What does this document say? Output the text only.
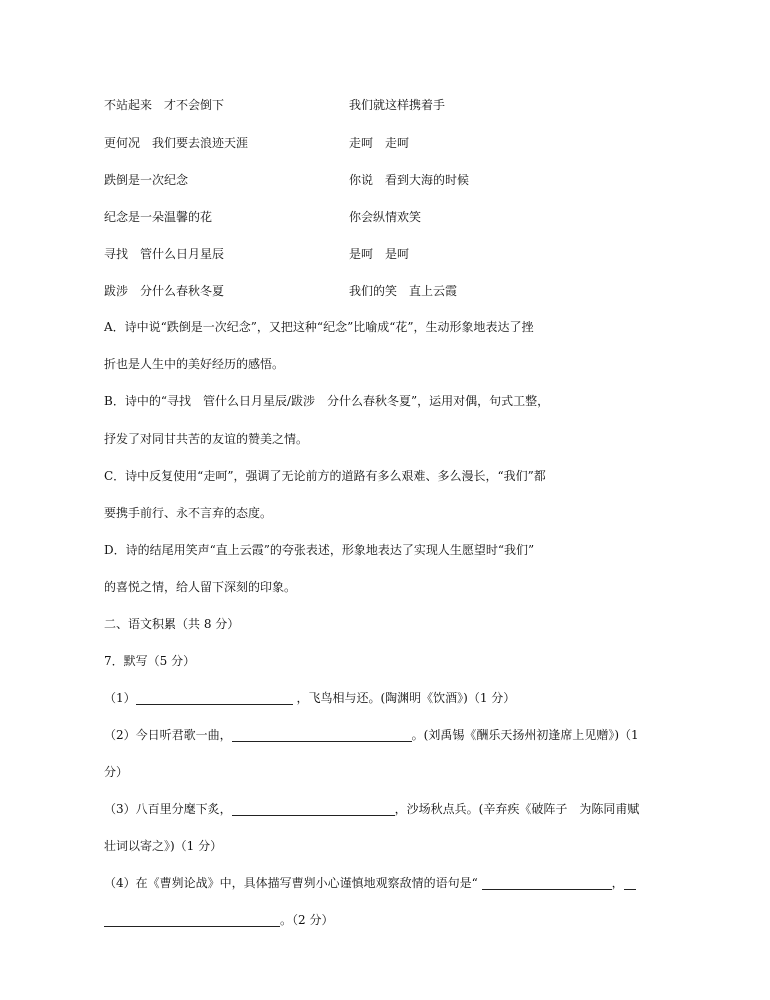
不站起来　才不会倒下	我们就这样携着手
更何况　我们要去浪迹天涯	走呵　走呵
跌倒是一次纪念	你说　看到大海的时候
纪念是一朵温馨的花	你会纵情欢笑
寻找　管什么日月星辰	是呵　是呵
跋涉　分什么春秋冬夏	我们的笑　直上云霞
A．诗中说“跌倒是一次纪念”，又把这种“纪念”比喻成“花”，生动形象地表达了挫
折也是人生中的美好经历的感悟。
B．诗中的“寻找　管什么日月星辰/跋涉　分什么春秋冬夏”，运用对偶，句式工整，
抒发了对同甘共苦的友谊的赞美之情。
C．诗中反复使用“走呵”，强调了无论前方的道路有多么艰难、多么漫长，“我们”都
要携手前行、永不言弃的态度。
D．诗的结尾用笑声“直上云霞”的夸张表述，形象地表达了实现人生愿望时“我们”
的喜悦之情，给人留下深刻的印象。
二、语文积累（共 8 分）
7．默写（5 分）
（1）	，飞鸟相与还。(陶渊明《饮酒》)（1 分）
（2）今日听君歌一曲，	。(刘禹锡《酬乐天扬州初逢席上见赠》)（1
分）
（3）八百里分麾下炙，	，沙场秋点兵。(辛弃疾《破阵子　为陈同甫赋
壮词以寄之》)（1 分）
（4）在《曹刿论战》中，具体描写曹刿小心谨慎地观察敌情的语句是“	，
。（2 分）
